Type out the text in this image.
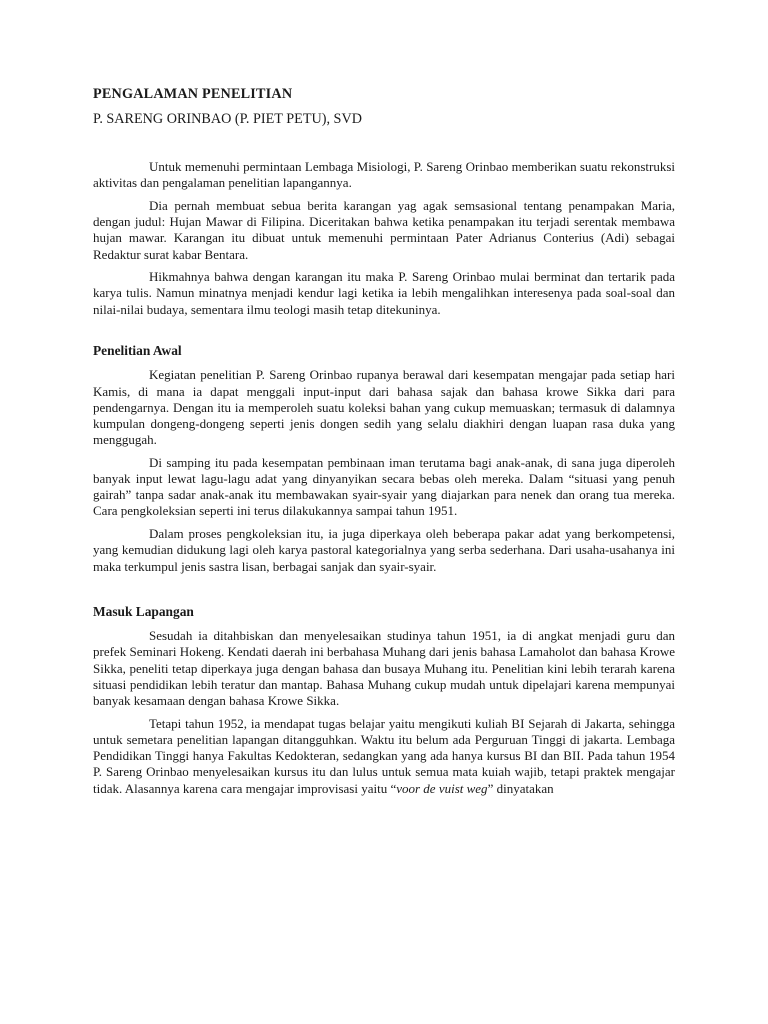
PENGALAMAN PENELITIAN
P. SARENG ORINBAO (P. PIET PETU), SVD

Untuk memenuhi permintaan Lembaga Misiologi, P. Sareng Orinbao memberikan suatu rekonstruksi aktivitas dan pengalaman penelitian lapangannya.

Dia pernah membuat sebua berita karangan yag agak semsasional tentang penampakan Maria, dengan judul: Hujan Mawar di Filipina. Diceritakan bahwa ketika penampakan itu terjadi serentak membawa hujan mawar. Karangan itu dibuat untuk memenuhi permintaan Pater Adrianus Conterius (Adi) sebagai Redaktur surat kabar Bentara.

Hikmahnya bahwa dengan karangan itu maka P. Sareng Orinbao mulai berminat dan tertarik pada karya tulis. Namun minatnya menjadi kendur lagi ketika ia lebih mengalihkan interesenya pada soal-soal dan nilai-nilai budaya, sementara ilmu teologi masih tetap ditekuninya.

Penelitian Awal

Kegiatan penelitian P. Sareng Orinbao rupanya berawal dari kesempatan mengajar pada setiap hari Kamis, di mana ia dapat menggali input-input dari bahasa sajak dan bahasa krowe Sikka dari para pendengarnya. Dengan itu ia memperoleh suatu koleksi bahan yang cukup memuaskan; termasuk di dalamnya kumpulan dongeng-dongeng seperti jenis dongen sedih yang selalu diakhiri dengan luapan rasa duka yang menggugah.

Di samping itu pada kesempatan pembinaan iman terutama bagi anak-anak, di sana juga diperoleh banyak input lewat lagu-lagu adat yang dinyanyikan secara bebas oleh mereka. Dalam “situasi yang penuh gairah” tanpa sadar anak-anak itu membawakan syair-syair yang diajarkan para nenek dan orang tua mereka. Cara pengkoleksian seperti ini terus dilakukannya sampai tahun 1951.

Dalam proses pengkoleksian itu, ia juga diperkaya oleh beberapa pakar adat yang berkompetensi, yang kemudian didukung lagi oleh karya pastoral kategorialnya yang serba sederhana. Dari usaha-usahanya ini maka terkumpul jenis sastra lisan, berbagai sanjak dan syair-syair.

Masuk Lapangan

Sesudah ia ditahbiskan dan menyelesaikan studinya tahun 1951, ia di angkat menjadi guru dan prefek Seminari Hokeng. Kendati daerah ini berbahasa Muhang dari jenis bahasa Lamaholot dan bahasa Krowe Sikka, peneliti tetap diperkaya juga dengan bahasa dan busaya Muhang itu. Penelitian kini lebih terarah karena situasi pendidikan lebih teratur dan mantap. Bahasa Muhang cukup mudah untuk dipelajari karena mempunyai banyak kesamaan dengan bahasa Krowe Sikka.

Tetapi tahun 1952, ia mendapat tugas belajar yaitu mengikuti kuliah BI Sejarah di Jakarta, sehingga untuk semetara penelitian lapangan ditangguhkan. Waktu itu belum ada Perguruan Tinggi di jakarta. Lembaga Pendidikan Tinggi hanya Fakultas Kedokteran, sedangkan yang ada hanya kursus BI dan BII. Pada tahun 1954 P. Sareng Orinbao menyelesaikan kursus itu dan lulus untuk semua mata kuiah wajib, tetapi praktek mengajar tidak. Alasannya karena cara mengajar improvisasi yaitu “voor de vuist weg” dinyatakan
